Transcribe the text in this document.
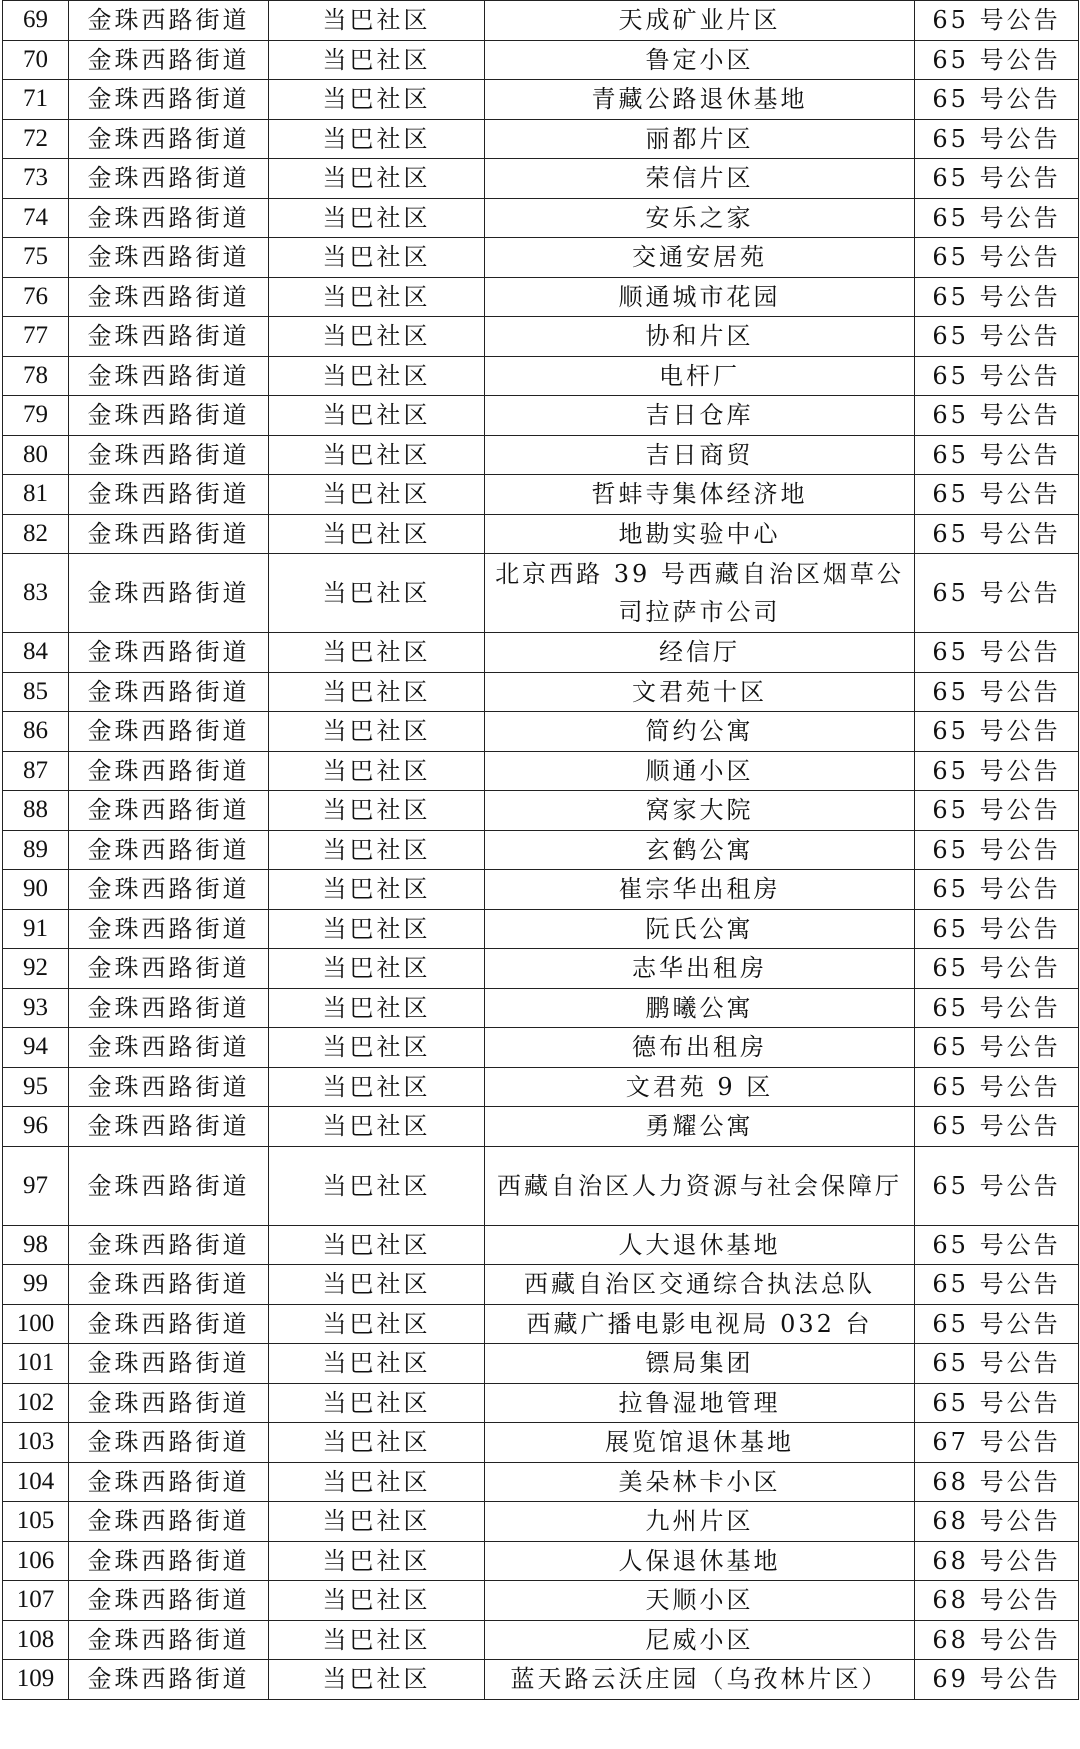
69	金珠西路街道	当巴社区	天成矿业片区	65 号公告
70	金珠西路街道	当巴社区	鲁定小区	65 号公告
71	金珠西路街道	当巴社区	青藏公路退休基地	65 号公告
72	金珠西路街道	当巴社区	丽都片区	65 号公告
73	金珠西路街道	当巴社区	荣信片区	65 号公告
74	金珠西路街道	当巴社区	安乐之家	65 号公告
75	金珠西路街道	当巴社区	交通安居苑	65 号公告
76	金珠西路街道	当巴社区	顺通城市花园	65 号公告
77	金珠西路街道	当巴社区	协和片区	65 号公告
78	金珠西路街道	当巴社区	电杆厂	65 号公告
79	金珠西路街道	当巴社区	吉日仓库	65 号公告
80	金珠西路街道	当巴社区	吉日商贸	65 号公告
81	金珠西路街道	当巴社区	哲蚌寺集体经济地	65 号公告
82	金珠西路街道	当巴社区	地勘实验中心	65 号公告
83	金珠西路街道	当巴社区	北京西路 39 号西藏自治区烟草公司拉萨市公司	65 号公告
84	金珠西路街道	当巴社区	经信厅	65 号公告
85	金珠西路街道	当巴社区	文君苑十区	65 号公告
86	金珠西路街道	当巴社区	简约公寓	65 号公告
87	金珠西路街道	当巴社区	顺通小区	65 号公告
88	金珠西路街道	当巴社区	窝家大院	65 号公告
89	金珠西路街道	当巴社区	玄鹤公寓	65 号公告
90	金珠西路街道	当巴社区	崔宗华出租房	65 号公告
91	金珠西路街道	当巴社区	阮氏公寓	65 号公告
92	金珠西路街道	当巴社区	志华出租房	65 号公告
93	金珠西路街道	当巴社区	鹏曦公寓	65 号公告
94	金珠西路街道	当巴社区	德布出租房	65 号公告
95	金珠西路街道	当巴社区	文君苑 9 区	65 号公告
96	金珠西路街道	当巴社区	勇耀公寓	65 号公告
97	金珠西路街道	当巴社区	西藏自治区人力资源与社会保障厅	65 号公告
98	金珠西路街道	当巴社区	人大退休基地	65 号公告
99	金珠西路街道	当巴社区	西藏自治区交通综合执法总队	65 号公告
100	金珠西路街道	当巴社区	西藏广播电影电视局 032 台	65 号公告
101	金珠西路街道	当巴社区	镖局集团	65 号公告
102	金珠西路街道	当巴社区	拉鲁湿地管理	65 号公告
103	金珠西路街道	当巴社区	展览馆退休基地	67 号公告
104	金珠西路街道	当巴社区	美朵林卡小区	68 号公告
105	金珠西路街道	当巴社区	九州片区	68 号公告
106	金珠西路街道	当巴社区	人保退休基地	68 号公告
107	金珠西路街道	当巴社区	天顺小区	68 号公告
108	金珠西路街道	当巴社区	尼威小区	68 号公告
109	金珠西路街道	当巴社区	蓝天路云沃庄园（乌孜林片区）	69 号公告
